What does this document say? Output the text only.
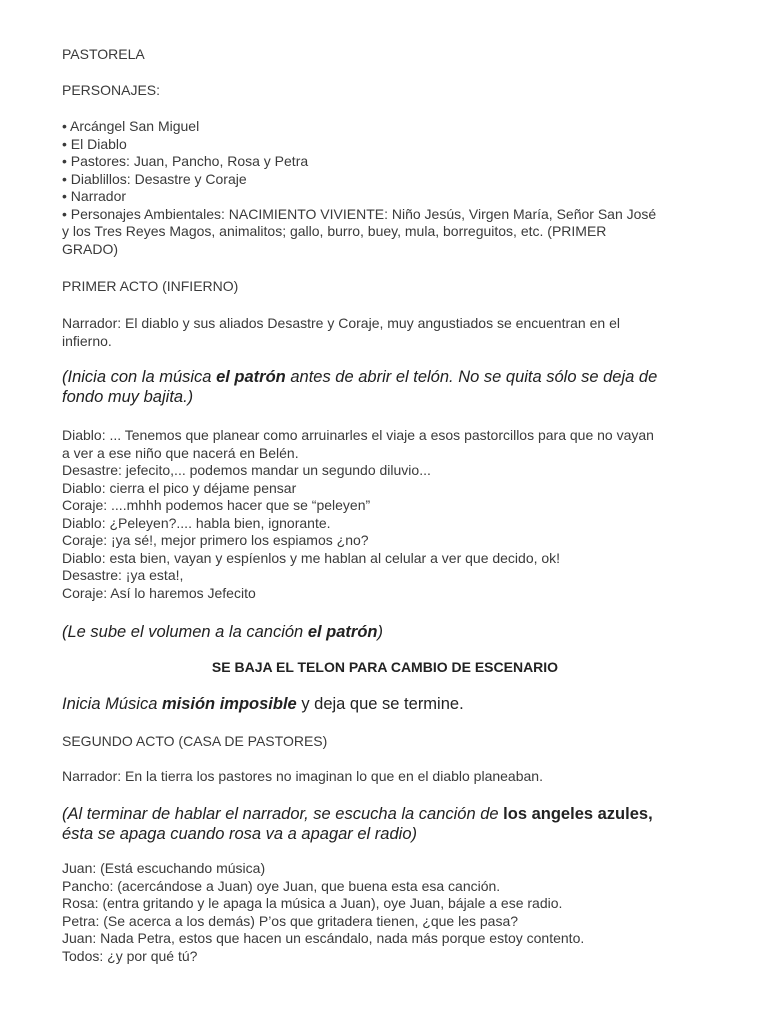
PASTORELA

PERSONAJES:

• Arcángel San Miguel

• El Diablo

• Pastores: Juan, Pancho, Rosa y Petra

• Diablillos: Desastre y Coraje

• Narrador

• Personajes Ambientales: NACIMIENTO VIVIENTE: Niño Jesús, Virgen María, Señor San José

y los Tres Reyes Magos, animalitos; gallo, burro, buey, mula, borreguitos, etc. (PRIMER

GRADO)

PRIMER ACTO (INFIERNO)

Narrador: El diablo y sus aliados Desastre y Coraje, muy angustiados se encuentran en el

infierno.

(Inicia con la música el patrón antes de abrir el telón. No se quita sólo se deja de
fondo muy bajita.)

Diablo: ... Tenemos que planear como arruinarles el viaje a esos pastorcillos para que no vayan

a ver a ese niño que nacerá en Belén.

Desastre: jefecito,... podemos mandar un segundo diluvio...

Diablo: cierra el pico y déjame pensar

Coraje: ....mhhh podemos hacer que se “peleyen”

Diablo: ¿Peleyen?.... habla bien, ignorante.

Coraje: ¡ya sé!, mejor primero los espiamos ¿no?

Diablo: esta bien, vayan y espíenlos y me hablan al celular a ver que decido, ok!

Desastre: ¡ya esta!,

Coraje: Así lo haremos Jefecito

(Le sube el volumen a la canción el patrón)

SE BAJA EL TELON PARA CAMBIO DE ESCENARIO

Inicia Música misión imposible y deja que se termine.

SEGUNDO ACTO (CASA DE PASTORES)

Narrador: En la tierra los pastores no imaginan lo que en el diablo planeaban.

(Al terminar de hablar el narrador, se escucha la canción de los angeles azules,
ésta se apaga cuando rosa va a apagar el radio)

Juan: (Está escuchando música)

Pancho: (acercándose a Juan) oye Juan, que buena esta esa canción.

Rosa: (entra gritando y le apaga la música a Juan), oye Juan, bájale a ese radio.

Petra: (Se acerca a los demás) P’os que gritadera tienen, ¿que les pasa?

Juan: Nada Petra, estos que hacen un escándalo, nada más porque estoy contento.

Todos: ¿y por qué tú?
